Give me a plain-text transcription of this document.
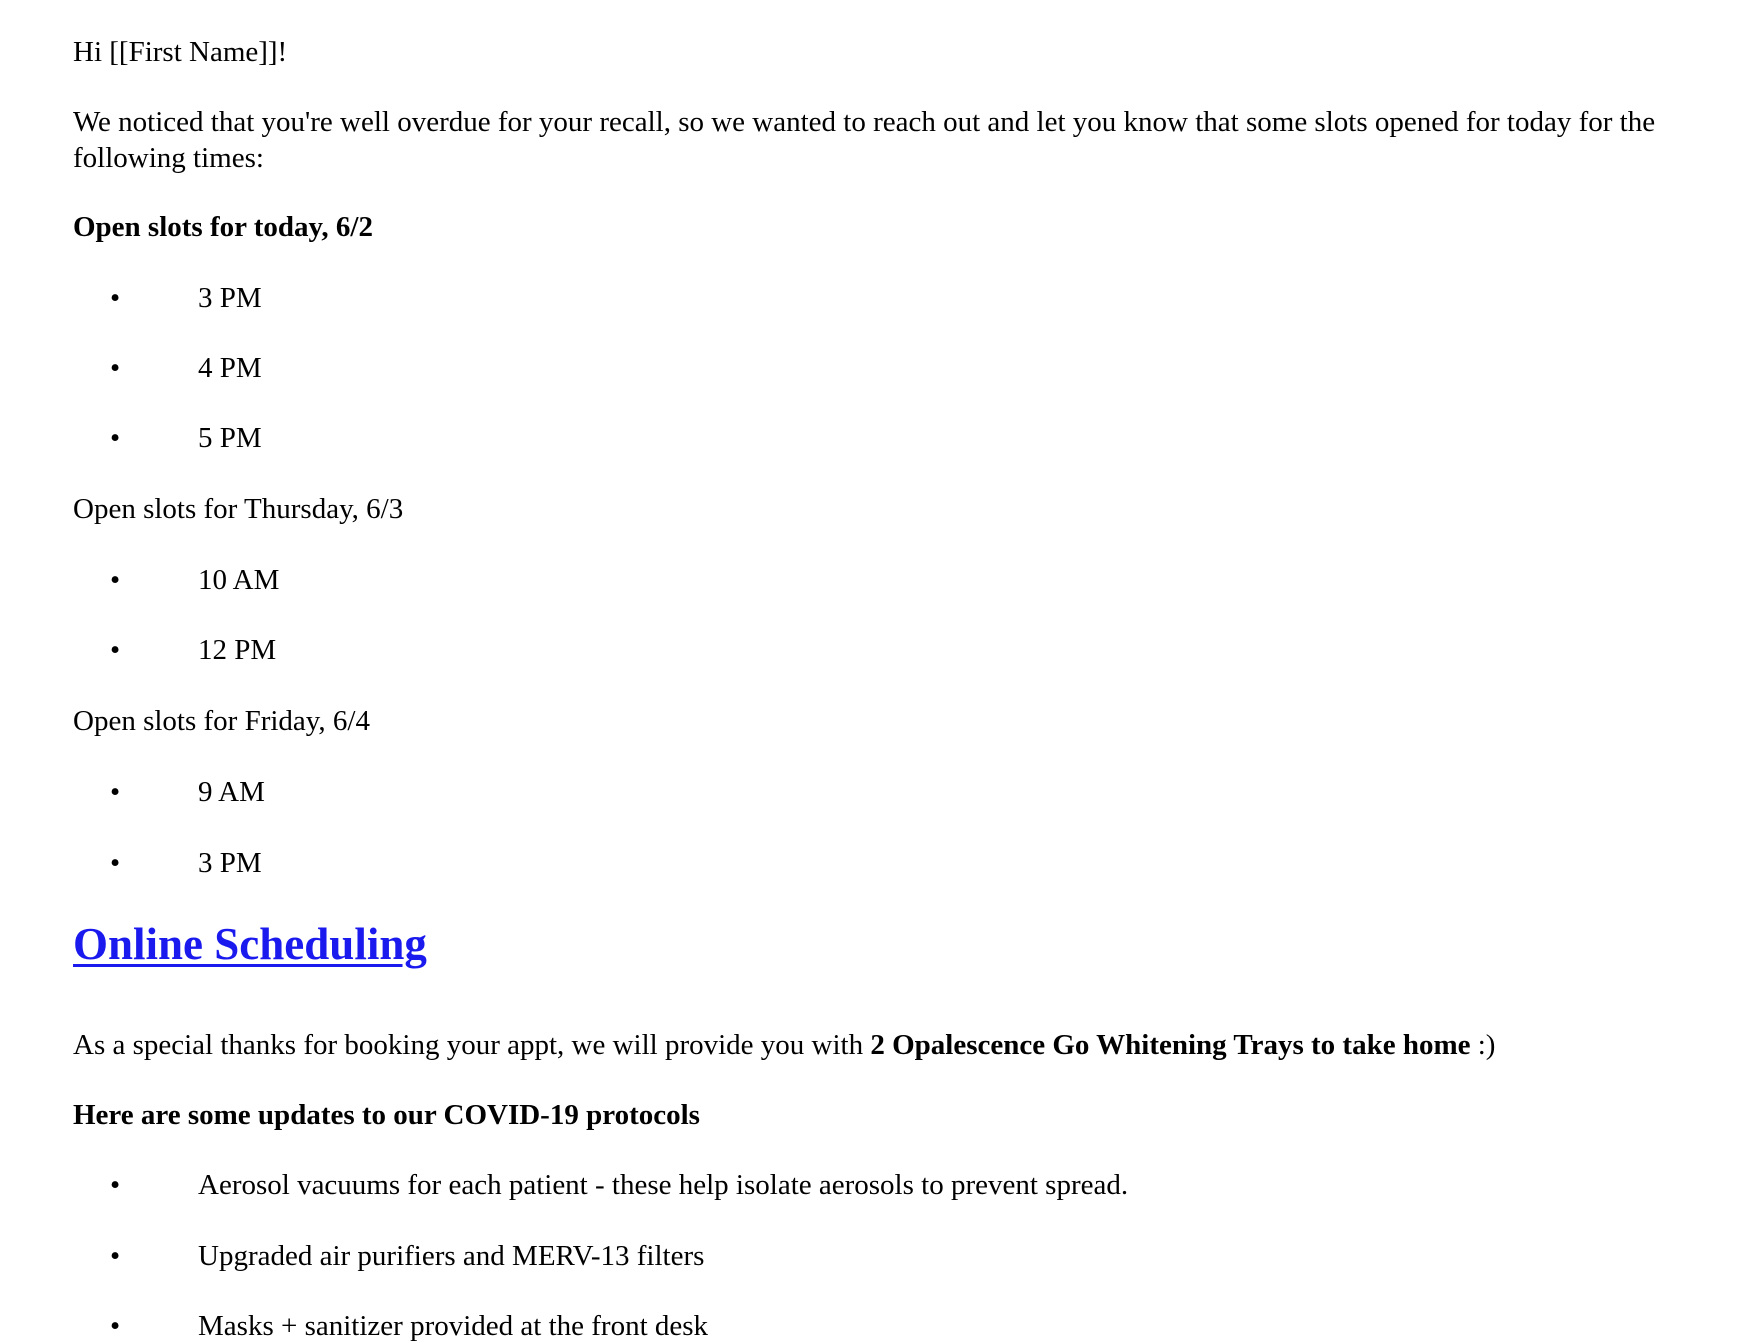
Hi [[First Name]]!

We noticed that you're well overdue for your recall, so we wanted to reach out and let you know that some slots opened for today for the following times:

Open slots for today, 6/2

•	3 PM
•	4 PM
•	5 PM

Open slots for Thursday, 6/3

•	10 AM
•	12 PM

Open slots for Friday, 6/4

•	9 AM
•	3 PM
Online Scheduling

As a special thanks for booking your appt, we will provide you with 2 Opalescence Go Whitening Trays to take home :)

Here are some updates to our COVID-19 protocols

•	Aerosol vacuums for each patient - these help isolate aerosols to prevent spread.
•	Upgraded air purifiers and MERV-13 filters
•	Masks + sanitizer provided at the front desk
